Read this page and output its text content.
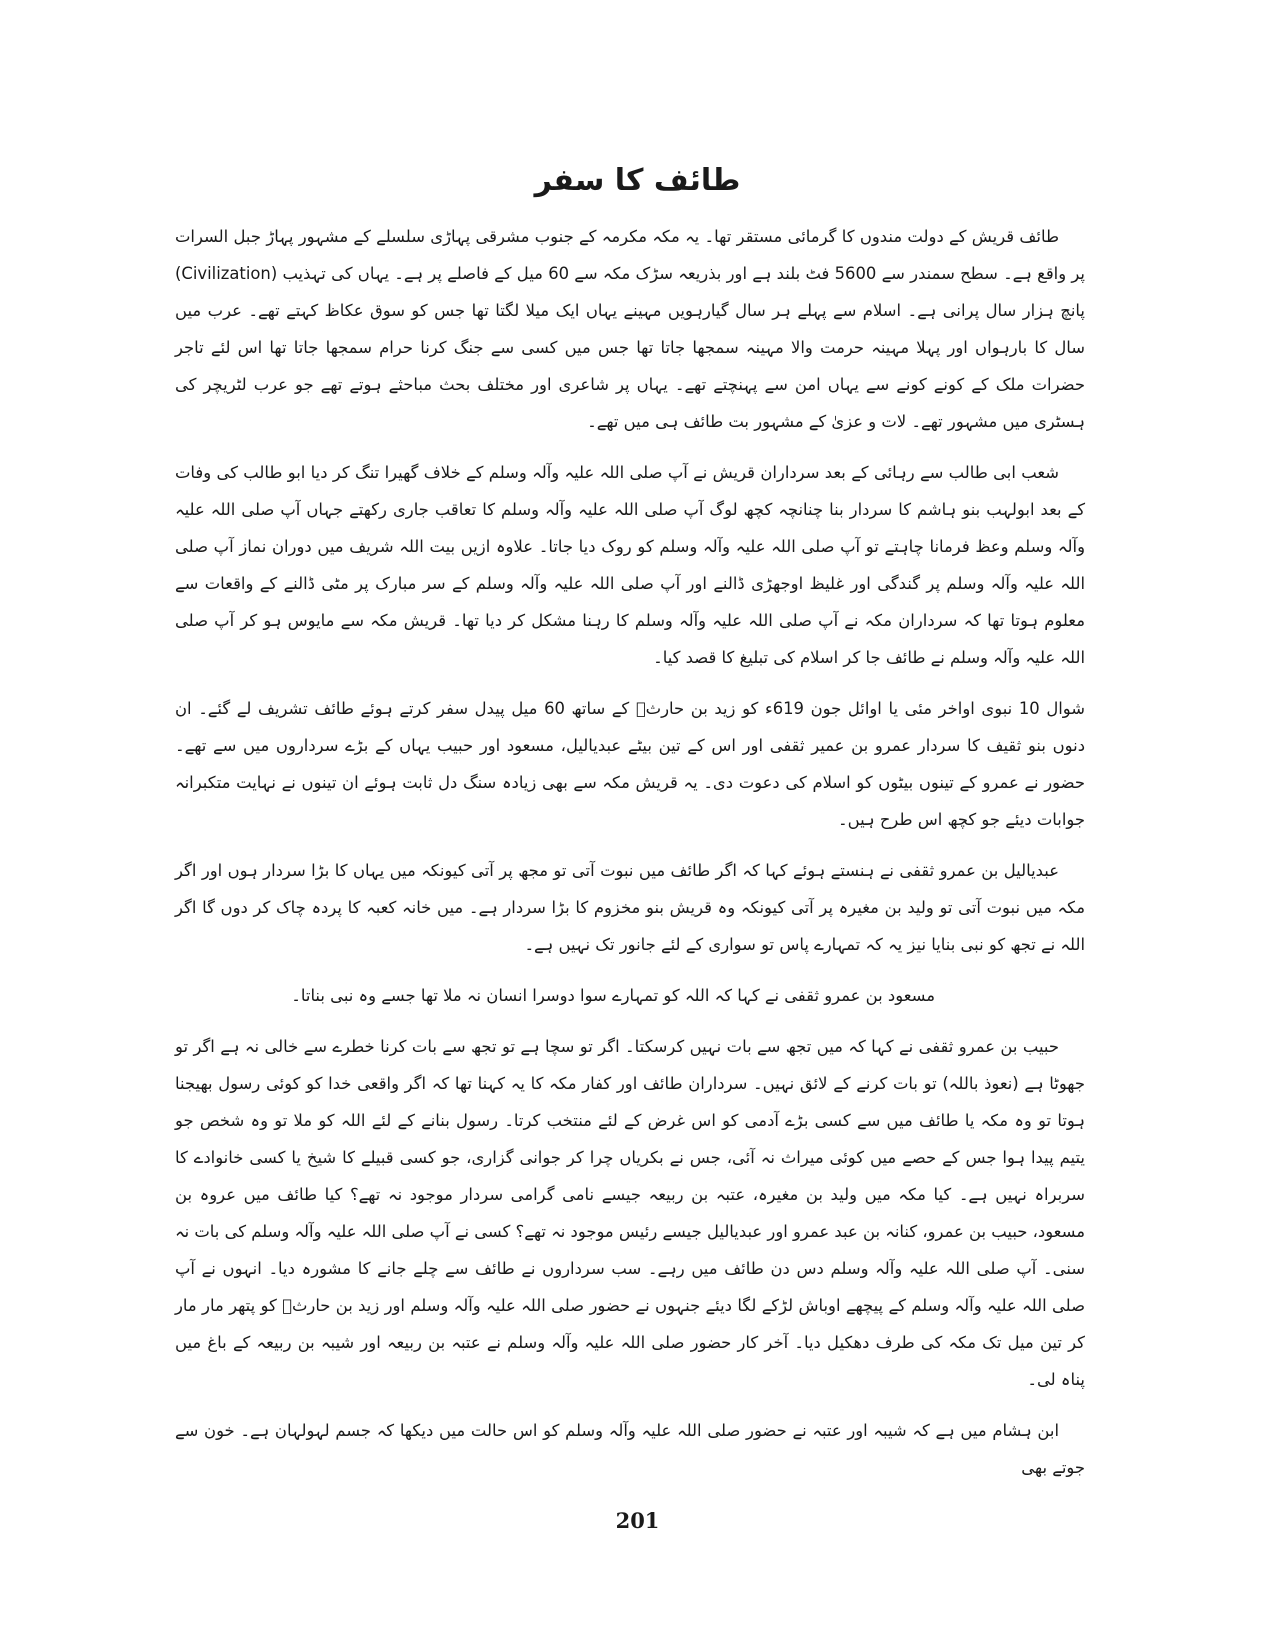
طائف کا سفر

طائف قریش کے دولت مندوں کا گرمائی مستقر تھا۔ یہ مکہ مکرمہ کے جنوب مشرقی پہاڑی سلسلے کے مشہور پہاڑ جبل السرات پر واقع ہے۔ سطح سمندر سے 5600 فٹ بلند ہے اور بذریعہ سڑک مکہ سے 60 میل کے فاصلے پر ہے۔ یہاں کی تہذیب (Civilization) پانچ ہزار سال پرانی ہے۔ اسلام سے پہلے ہر سال گیارہویں مہینے یہاں ایک میلا لگتا تھا جس کو سوق عکاظ کہتے تھے۔ عرب میں سال کا بارہواں اور پہلا مہینہ حرمت والا مہینہ سمجھا جاتا تھا جس میں کسی سے جنگ کرنا حرام سمجھا جاتا تھا اس لئے تاجر حضرات ملک کے کونے کونے سے یہاں امن سے پہنچتے تھے۔ یہاں پر شاعری اور مختلف بحث مباحثے ہوتے تھے جو عرب لٹریچر کی ہسٹری میں مشہور تھے۔ لات و عزیٰ کے مشہور بت طائف ہی میں تھے۔

شعب ابی طالب سے رہائی کے بعد سرداران قریش نے آپ صلی اللہ علیہ وآلہ وسلم کے خلاف گھیرا تنگ کر دیا ابو طالب کی وفات کے بعد ابولہب بنو ہاشم کا سردار بنا چنانچہ کچھ لوگ آپ صلی اللہ علیہ وآلہ وسلم کا تعاقب جاری رکھتے جہاں آپ صلی اللہ علیہ وآلہ وسلم وعظ فرمانا چاہتے تو آپ صلی اللہ علیہ وآلہ وسلم کو روک دیا جاتا۔ علاوہ ازیں بیت اللہ شریف میں دوران نماز آپ صلی اللہ علیہ وآلہ وسلم پر گندگی اور غلیظ اوجھڑی ڈالنے اور آپ صلی اللہ علیہ وآلہ وسلم کے سر مبارک پر مٹی ڈالنے کے واقعات سے معلوم ہوتا تھا کہ سرداران مکہ نے آپ صلی اللہ علیہ وآلہ وسلم کا رہنا مشکل کر دیا تھا۔ قریش مکہ سے مایوس ہو کر آپ صلی اللہ علیہ وآلہ وسلم نے طائف جا کر اسلام کی تبلیغ کا قصد کیا۔

شوال 10 نبوی اواخر مئی یا اوائل جون 619ء کو زید بن حارثؓ کے ساتھ 60 میل پیدل سفر کرتے ہوئے طائف تشریف لے گئے۔ ان دنوں بنو ثقیف کا سردار عمرو بن عمیر ثقفی اور اس کے تین بیٹے عبدیالیل، مسعود اور حبیب یہاں کے بڑے سرداروں میں سے تھے۔ حضور نے عمرو کے تینوں بیٹوں کو اسلام کی دعوت دی۔ یہ قریش مکہ سے بھی زیادہ سنگ دل ثابت ہوئے ان تینوں نے نہایت متکبرانہ جوابات دیئے جو کچھ اس طرح ہیں۔

عبدیالیل بن عمرو ثقفی نے ہنستے ہوئے کہا کہ اگر طائف میں نبوت آتی تو مجھ پر آتی کیونکہ میں یہاں کا بڑا سردار ہوں اور اگر مکہ میں نبوت آتی تو ولید بن مغیرہ پر آتی کیونکہ وہ قریش بنو مخزوم کا بڑا سردار ہے۔ میں خانہ کعبہ کا پردہ چاک کر دوں گا اگر اللہ نے تجھ کو نبی بنایا نیز یہ کہ تمہارے پاس تو سواری کے لئے جانور تک نہیں ہے۔

مسعود بن عمرو ثقفی نے کہا کہ اللہ کو تمہارے سوا دوسرا انسان نہ ملا تھا جسے وہ نبی بناتا۔

حبیب بن عمرو ثقفی نے کہا کہ میں تجھ سے بات نہیں کرسکتا۔ اگر تو سچا ہے تو تجھ سے بات کرنا خطرے سے خالی نہ ہے اگر تو جھوٹا ہے (نعوذ باللہ) تو بات کرنے کے لائق نہیں۔ سرداران طائف اور کفار مکہ کا یہ کہنا تھا کہ اگر واقعی خدا کو کوئی رسول بھیجنا ہوتا تو وہ مکہ یا طائف میں سے کسی بڑے آدمی کو اس غرض کے لئے منتخب کرتا۔ رسول بنانے کے لئے اللہ کو ملا تو وہ شخص جو یتیم پیدا ہوا جس کے حصے میں کوئی میراث نہ آئی، جس نے بکریاں چرا کر جوانی گزاری، جو کسی قبیلے کا شیخ یا کسی خانوادے کا سربراہ نہیں ہے۔ کیا مکہ میں ولید بن مغیرہ، عتبہ بن ربیعہ جیسے نامی گرامی سردار موجود نہ تھے؟ کیا طائف میں عروہ بن مسعود، حبیب بن عمرو، کنانہ بن عبد عمرو اور عبدیالیل جیسے رئیس موجود نہ تھے؟ کسی نے آپ صلی اللہ علیہ وآلہ وسلم کی بات نہ سنی۔ آپ صلی اللہ علیہ وآلہ وسلم دس دن طائف میں رہے۔ سب سرداروں نے طائف سے چلے جانے کا مشورہ دیا۔ انہوں نے آپ صلی اللہ علیہ وآلہ وسلم کے پیچھے اوباش لڑکے لگا دیئے جنہوں نے حضور صلی اللہ علیہ وآلہ وسلم اور زید بن حارثؓ کو پتھر مار مار کر تین میل تک مکہ کی طرف دھکیل دیا۔ آخر کار حضور صلی اللہ علیہ وآلہ وسلم نے عتبہ بن ربیعہ اور شیبہ بن ربیعہ کے باغ میں پناہ لی۔

ابن ہشام میں ہے کہ شیبہ اور عتبہ نے حضور صلی اللہ علیہ وآلہ وسلم کو اس حالت میں دیکھا کہ جسم لہولہان ہے۔ خون سے جوتے بھی

201
